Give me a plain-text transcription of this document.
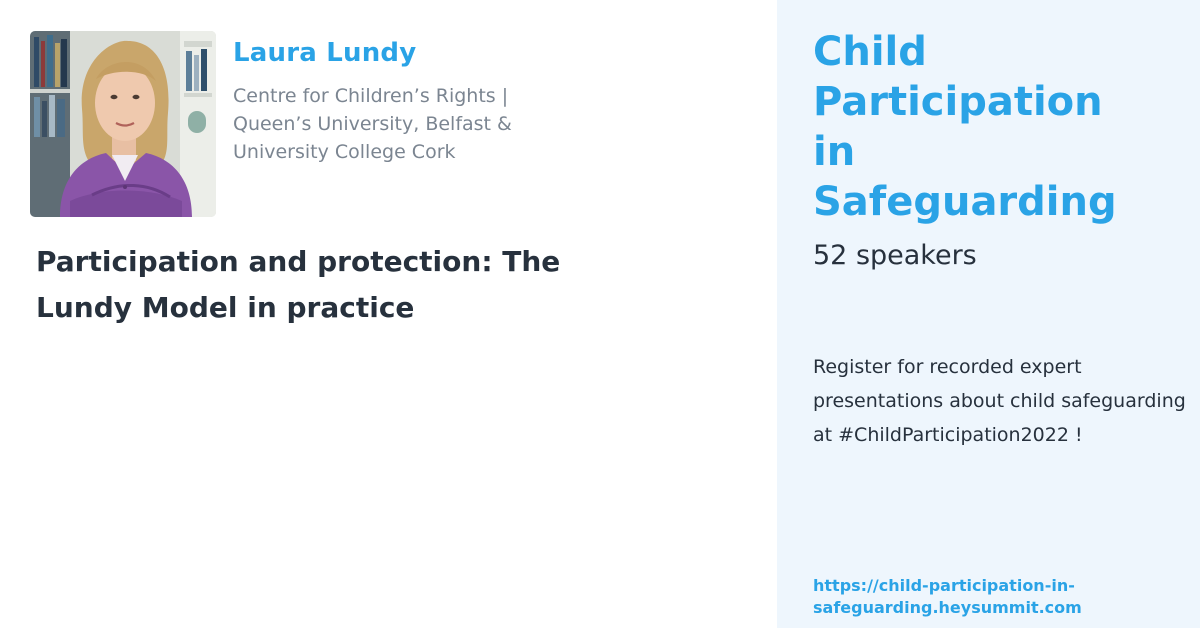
Laura Lundy
Centre for Children’s Rights | Queen’s University, Belfast & University College Cork
Participation and protection: The Lundy Model in practice
Child Participation in Safeguarding
52 speakers
Register for recorded expert presentations about child safeguarding at #ChildParticipation2022 !
https://child-participation-in-safeguarding.heysummit.com
